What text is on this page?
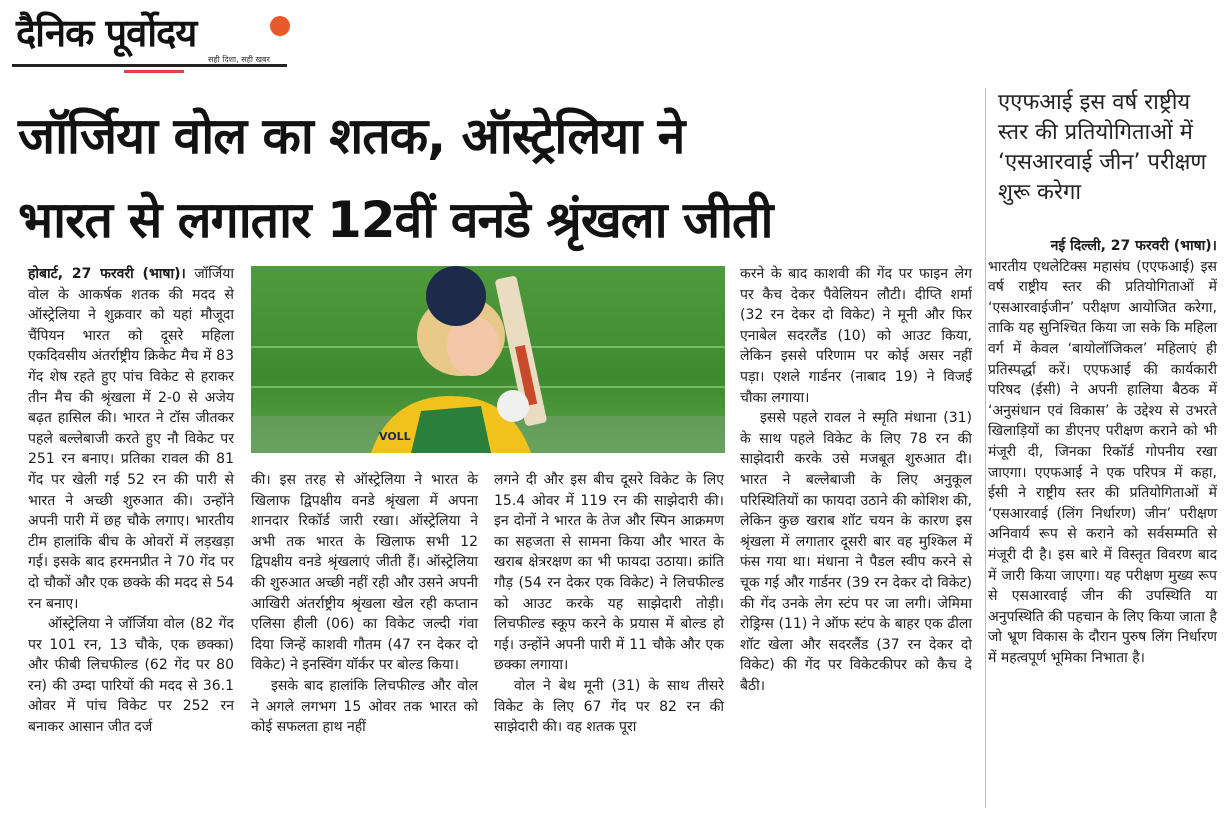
दैनिक पूर्वोदय
सही दिशा, सही खबर
जॉर्जिया वोल का शतक, ऑस्ट्रेलिया ने
भारत से लगातार 12वीं वनडे श्रृंखला जीती
एएफआई इस वर्ष राष्ट्रीय स्तर की प्रतियोगिताओं में ‘एसआरवाई जीन’ परीक्षण शुरू करेगा

होबार्ट, 27 फरवरी (भाषा)। जॉर्जिया वोल के आकर्षक शतक की मदद से ऑस्ट्रेलिया ने शुक्रवार को यहां मौजूदा चैंपियन भारत को दूसरे महिला एकदिवसीय अंतर्राष्ट्रीय क्रिकेट मैच में 83 गेंद शेष रहते हुए पांच विकेट से हराकर तीन मैच की श्रृंखला में 2-0 से अजेय बढ़त हासिल की। भारत ने टॉस जीतकर पहले बल्लेबाजी करते हुए नौ विकेट पर 251 रन बनाए। प्रतिका रावल की 81 गेंद पर खेली गई 52 रन की पारी से भारत ने अच्छी शुरुआत की। उन्होंने अपनी पारी में छह चौके लगाए। भारतीय टीम हालांकि बीच के ओवरों में लड़खड़ा गई। इसके बाद हरमनप्रीत ने 70 गेंद पर दो चौकों और एक छक्के की मदद से 54 रन बनाए।

ऑस्ट्रेलिया ने जॉर्जिया वोल (82 गेंद पर 101 रन, 13 चौके, एक छक्का) और फीबी लिचफील्ड (62 गेंद पर 80 रन) की उम्दा पारियों की मदद से 36.1 ओवर में पांच विकेट पर 252 रन बनाकर आसान जीत दर्ज

VOLL

की। इस तरह से ऑस्ट्रेलिया ने भारत के खिलाफ द्विपक्षीय वनडे श्रृंखला में अपना शानदार रिकॉर्ड जारी रखा। ऑस्ट्रेलिया ने अभी तक भारत के खिलाफ सभी 12 द्विपक्षीय वनडे श्रृंखलाएं जीती हैं। ऑस्ट्रेलिया की शुरुआत अच्छी नहीं रही और उसने अपनी आखिरी अंतर्राष्ट्रीय श्रृंखला खेल रही कप्तान एलिसा हीली (06) का विकेट जल्दी गंवा दिया जिन्हें काशवी गौतम (47 रन देकर दो विकेट) ने इनस्विंग यॉर्कर पर बोल्ड किया।

इसके बाद हालांकि लिचफील्ड और वोल ने अगले लगभग 15 ओवर तक भारत को कोई सफलता हाथ नहीं

लगने दी और इस बीच दूसरे विकेट के लिए 15.4 ओवर में 119 रन की साझेदारी की। इन दोनों ने भारत के तेज और स्पिन आक्रमण का सहजता से सामना किया और भारत के खराब क्षेत्ररक्षण का भी फायदा उठाया। क्रांति गौड़ (54 रन देकर एक विकेट) ने लिचफील्ड को आउट करके यह साझेदारी तोड़ी। लिचफील्ड स्कूप करने के प्रयास में बोल्ड हो गई। उन्होंने अपनी पारी में 11 चौके और एक छक्का लगाया।

वोल ने बेथ मूनी (31) के साथ तीसरे विकेट के लिए 67 गेंद पर 82 रन की साझेदारी की। वह शतक पूरा

करने के बाद काशवी की गेंद पर फाइन लेग पर कैच देकर पैवेलियन लौटी। दीप्ति शर्मा (32 रन देकर दो विकेट) ने मूनी और फिर एनाबेल सदरलैंड (10) को आउट किया, लेकिन इससे परिणाम पर कोई असर नहीं पड़ा। एशले गार्डनर (नाबाद 19) ने विजई चौका लगाया।

इससे पहले रावल ने स्मृति मंधाना (31) के साथ पहले विकेट के लिए 78 रन की साझेदारी करके उसे मजबूत शुरुआत दी। भारत ने बल्लेबाजी के लिए अनुकूल परिस्थितियों का फायदा उठाने की कोशिश की, लेकिन कुछ खराब शॉट चयन के कारण इस श्रृंखला में लगातार दूसरी बार वह मुश्किल में फंस गया था। मंधाना ने पैडल स्वीप करने से चूक गई और गार्डनर (39 रन देकर दो विकेट) की गेंद उनके लेग स्टंप पर जा लगी। जेमिमा रोड्रिग्स (11) ने ऑफ स्टंप के बाहर एक ढीला शॉट खेला और सदरलैंड (37 रन देकर दो विकेट) की गेंद पर विकेटकीपर को कैच दे बैठी।

नई दिल्ली, 27 फरवरी (भाषा)।

भारतीय एथलेटिक्स महासंघ (एएफआई) इस वर्ष राष्ट्रीय स्तर की प्रतियोगिताओं में ‘एसआरवाईजीन’ परीक्षण आयोजित करेगा, ताकि यह सुनिश्चित किया जा सके कि महिला वर्ग में केवल ‘बायोलॉजिकल’ महिलाएं ही प्रतिस्पर्द्धा करें। एएफआई की कार्यकारी परिषद (ईसी) ने अपनी हालिया बैठक में ‘अनुसंधान एवं विकास’ के उद्देश्य से उभरते खिलाड़ियों का डीएनए परीक्षण कराने को भी मंजूरी दी, जिनका रिकॉर्ड गोपनीय रखा जाएगा। एएफआई ने एक परिपत्र में कहा, ईसी ने राष्ट्रीय स्तर की प्रतियोगिताओं में ‘एसआरवाई (लिंग निर्धारण) जीन’ परीक्षण अनिवार्य रूप से कराने को सर्वसम्मति से मंजूरी दी है। इस बारे में विस्तृत विवरण बाद में जारी किया जाएगा। यह परीक्षण मुख्य रूप से एसआरवाई जीन की उपस्थिति या अनुपस्थिति की पहचान के लिए किया जाता है जो भ्रूण विकास के दौरान पुरुष लिंग निर्धारण में महत्वपूर्ण भूमिका निभाता है।
